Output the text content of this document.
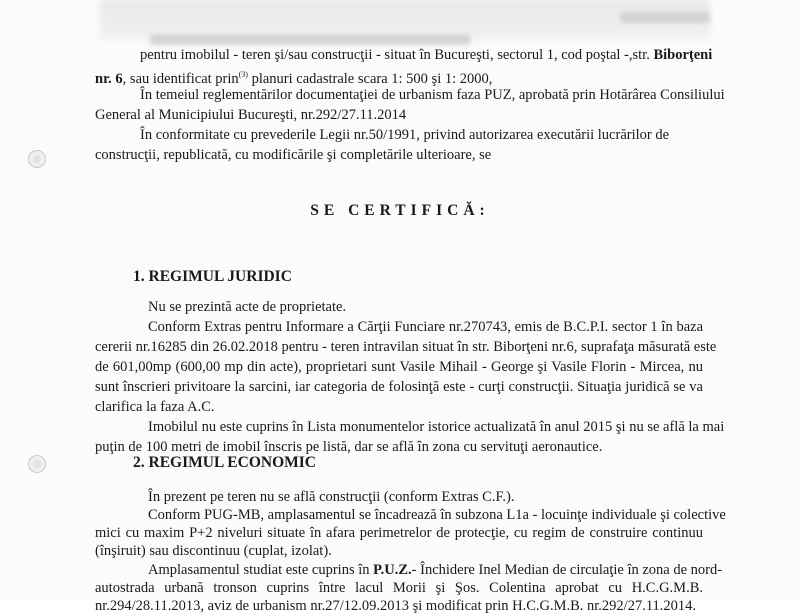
pentru imobilul - teren şi/sau construcţii - situat în Bucureşti, sectorul 1, cod poştal -,str. Biborţeni
nr. 6, sau identificat prin$^{(3)}$ planuri cadastrale scara 1: 500 şi 1: 2000,
În temeiul reglementărilor documentaţiei de urbanism faza PUZ, aprobată prin Hotărârea Consiliului
General al Municipiului Bucureşti, nr.292/27.11.2014
În conformitate cu prevederile Legii nr.50/1991, privind autorizarea executării lucrărilor de
construcţii, republicată, cu modificările şi completările ulterioare, se
SE CERTIFICĂ:
1. REGIMUL JURIDIC
Nu se prezintă acte de proprietate.
Conform Extras pentru Informare a Cărţii Funciare nr.270743, emis de B.C.P.I. sector 1 în baza
cererii nr.16285 din 26.02.2018 pentru - teren intravilan situat în str. Biborţeni nr.6, suprafaţa măsurată este
de 601,00mp (600,00 mp din acte), proprietari sunt Vasile Mihail - George şi Vasile Florin - Mircea, nu
sunt înscrieri privitoare la sarcini, iar categoria de folosinţă este - curţi construcţii. Situaţia juridică se va
clarifica la faza A.C.
Imobilul nu este cuprins în Lista monumentelor istorice actualizată în anul 2015 şi nu se află la mai
puţin de 100 metri de imobil înscris pe listă, dar se află în zona cu servituţi aeronautice.
2. REGIMUL ECONOMIC
În prezent pe teren nu se află construcţii (conform Extras C.F.).
Conform PUG-MB, amplasamentul se încadrează în subzona L1a - locuinţe individuale şi colective
mici cu maxim P+2 niveluri situate în afara perimetrelor de protecţie, cu regim de construire continuu
(înşiruit) sau discontinuu (cuplat, izolat).
Amplasamentul studiat este cuprins în P.U.Z.- Închidere Inel Median de circulaţie în zona de nord-
autostrada urbană tronson cuprins între lacul Morii şi Şos. Colentina aprobat cu H.C.G.M.B.
nr.294/28.11.2013, aviz de urbanism nr.27/12.09.2013 şi modificat prin H.C.G.M.B. nr.292/27.11.2014.
